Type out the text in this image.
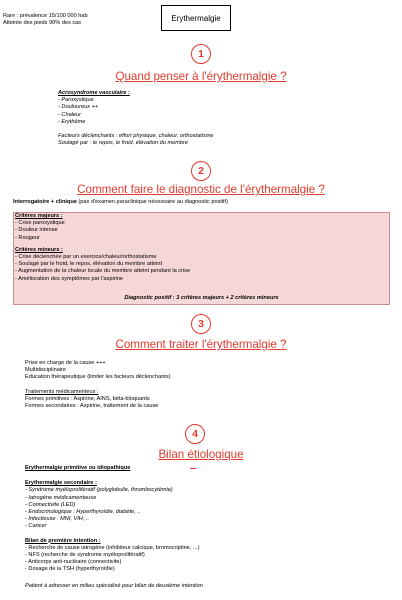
Rare : prévalence 15/100 000 hab
Atteinte des pieds 90% des cas
Erythermalgie
1
Quand penser à l'érythermalgie ?
Acrosyndrome vasculaire :
- Paroxystique
- Douloureux ++
- Chaleur
- Erythème
Facteurs déclenchants : effort physique, chaleur, orthostatisme
Soulagé par : le repos, le froid, élévation du membre
2
Comment faire le diagnostic de l'érythermalgie ?
Interrogatoire + clinique (pas d'examen paraclinique nécessaire au diagnostic positif)
Critères majeurs :
- Crise paroxystique
- Douleur intense
- Rougeur
Critères mineurs :
- Crise déclenchée par un exercice/chaleur/orthostatisme
- Soulagé par le froid, le repos, élévation du membre atteint
- Augmentation de la chaleur locale du membre atteint pendant la crise
- Amélioration des symptômes par l'aspirine
Diagnostic positif : 3 critères majeurs + 2 critères mineurs
3
Comment traiter l'érythermalgie ?
Prise en charge de la cause +++
Multidisciplinaire
Education thérapeutique (limiter les facteurs déclenchants)
Traitements médicamenteux :
Formes primitives : Aspirine, AINS, béta-bloquants
Formes secondaires : Aspirine, traitement de la cause
4
Bilan étiologique
Erythermalgie primitive ou idiopathique
Erythermalgie secondaire :
- Syndrome myéloprolifératif (polyglobulie, thrombocytémie)
- Iatrogène médicamenteuse
- Connectivite (LED)
- Endocrinologique : Hyperthyroïdie, diabète, ..
- Infectieuse : MNI, VIH, ..
- Cancer
Bilan de première intention :
- Recherche de cause iatrogène (inhibiteur calcique, bromocriptine, ...)
- NFS (recherche de syndrome myéloprolifératif)
- Anticorps anti-nucléaire (connectivite)
- Dosage de la TSH (hyperthyroïdie)
Patient à adresser en milieu spécialisé pour bilan de deuxième intention
